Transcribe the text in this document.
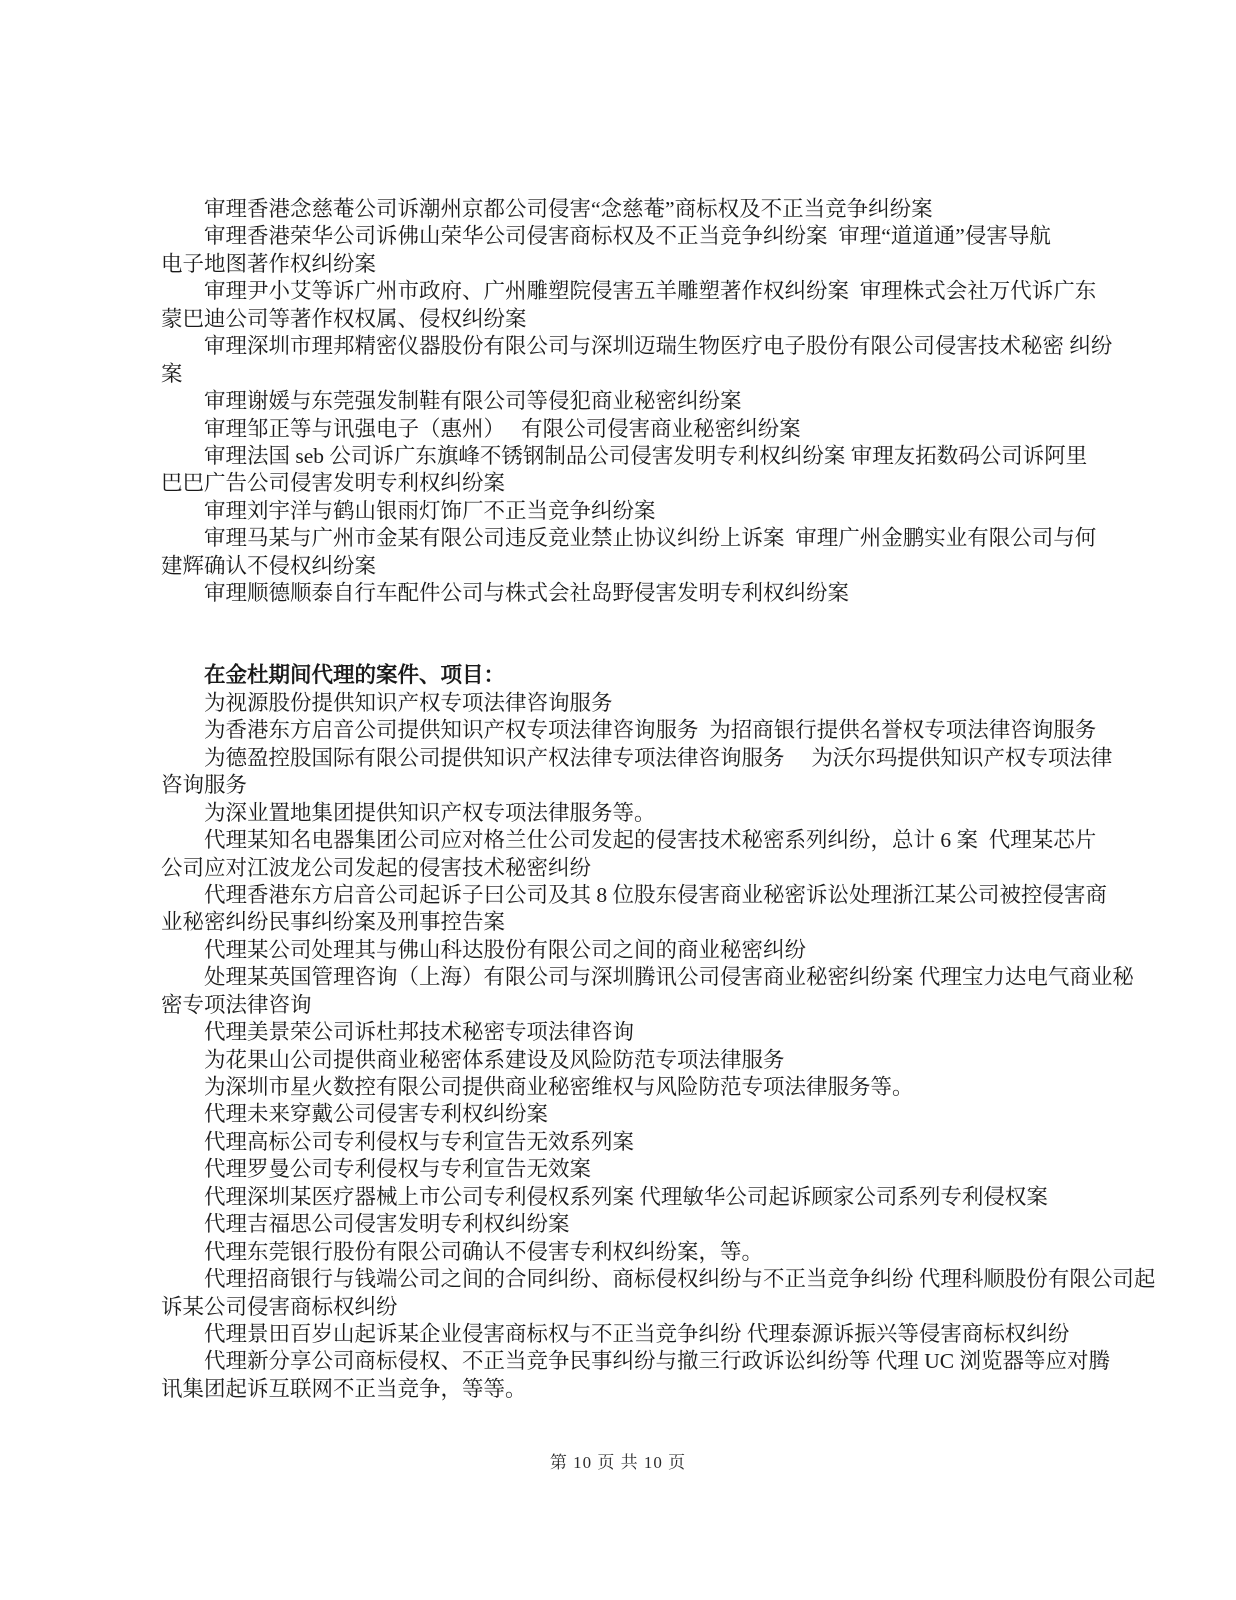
审理香港念慈菴公司诉潮州京都公司侵害“念慈菴”商标权及不正当竞争纠纷案
审理香港荣华公司诉佛山荣华公司侵害商标权及不正当竞争纠纷案  审理“道道通”侵害导航
电子地图著作权纠纷案
审理尹小艾等诉广州市政府、广州雕塑院侵害五羊雕塑著作权纠纷案  审理株式会社万代诉广东
蒙巴迪公司等著作权权属、侵权纠纷案
审理深圳市理邦精密仪器股份有限公司与深圳迈瑞生物医疗电子股份有限公司侵害技术秘密 纠纷
案
审理谢媛与东莞强发制鞋有限公司等侵犯商业秘密纠纷案
审理邹正等与讯强电子（惠州）　 有限公司侵害商业秘密纠纷案
审理法国 seb 公司诉广东旗峰不锈钢制品公司侵害发明专利权纠纷案 审理友拓数码公司诉阿里
巴巴广告公司侵害发明专利权纠纷案
审理刘宇洋与鹤山银雨灯饰厂不正当竞争纠纷案
审理马某与广州市金某有限公司违反竞业禁止协议纠纷上诉案  审理广州金鹏实业有限公司与何
建辉确认不侵权纠纷案
审理顺德顺泰自行车配件公司与株式会社岛野侵害发明专利权纠纷案
在金杜期间代理的案件、项目：
为视源股份提供知识产权专项法律咨询服务
为香港东方启音公司提供知识产权专项法律咨询服务  为招商银行提供名誉权专项法律咨询服务
为德盈控股国际有限公司提供知识产权法律专项法律咨询服务　 为沃尔玛提供知识产权专项法律
咨询服务
为深业置地集团提供知识产权专项法律服务等。
代理某知名电器集团公司应对格兰仕公司发起的侵害技术秘密系列纠纷，总计 6 案  代理某芯片
公司应对江波龙公司发起的侵害技术秘密纠纷
代理香港东方启音公司起诉子曰公司及其 8 位股东侵害商业秘密诉讼处理浙江某公司被控侵害商
业秘密纠纷民事纠纷案及刑事控告案
代理某公司处理其与佛山科达股份有限公司之间的商业秘密纠纷
处理某英国管理咨询（上海）有限公司与深圳腾讯公司侵害商业秘密纠纷案 代理宝力达电气商业秘
密专项法律咨询
代理美景荣公司诉杜邦技术秘密专项法律咨询
为花果山公司提供商业秘密体系建设及风险防范专项法律服务
为深圳市星火数控有限公司提供商业秘密维权与风险防范专项法律服务等。
代理未来穿戴公司侵害专利权纠纷案
代理高标公司专利侵权与专利宣告无效系列案
代理罗曼公司专利侵权与专利宣告无效案
代理深圳某医疗器械上市公司专利侵权系列案 代理敏华公司起诉顾家公司系列专利侵权案
代理吉福思公司侵害发明专利权纠纷案
代理东莞银行股份有限公司确认不侵害专利权纠纷案，等。
代理招商银行与钱端公司之间的合同纠纷、商标侵权纠纷与不正当竞争纠纷 代理科顺股份有限公司起
诉某公司侵害商标权纠纷
代理景田百岁山起诉某企业侵害商标权与不正当竞争纠纷 代理泰源诉振兴等侵害商标权纠纷
代理新分享公司商标侵权、不正当竞争民事纠纷与撤三行政诉讼纠纷等 代理 UC 浏览器等应对腾
讯集团起诉互联网不正当竞争，等等。
第 10 页 共 10 页
